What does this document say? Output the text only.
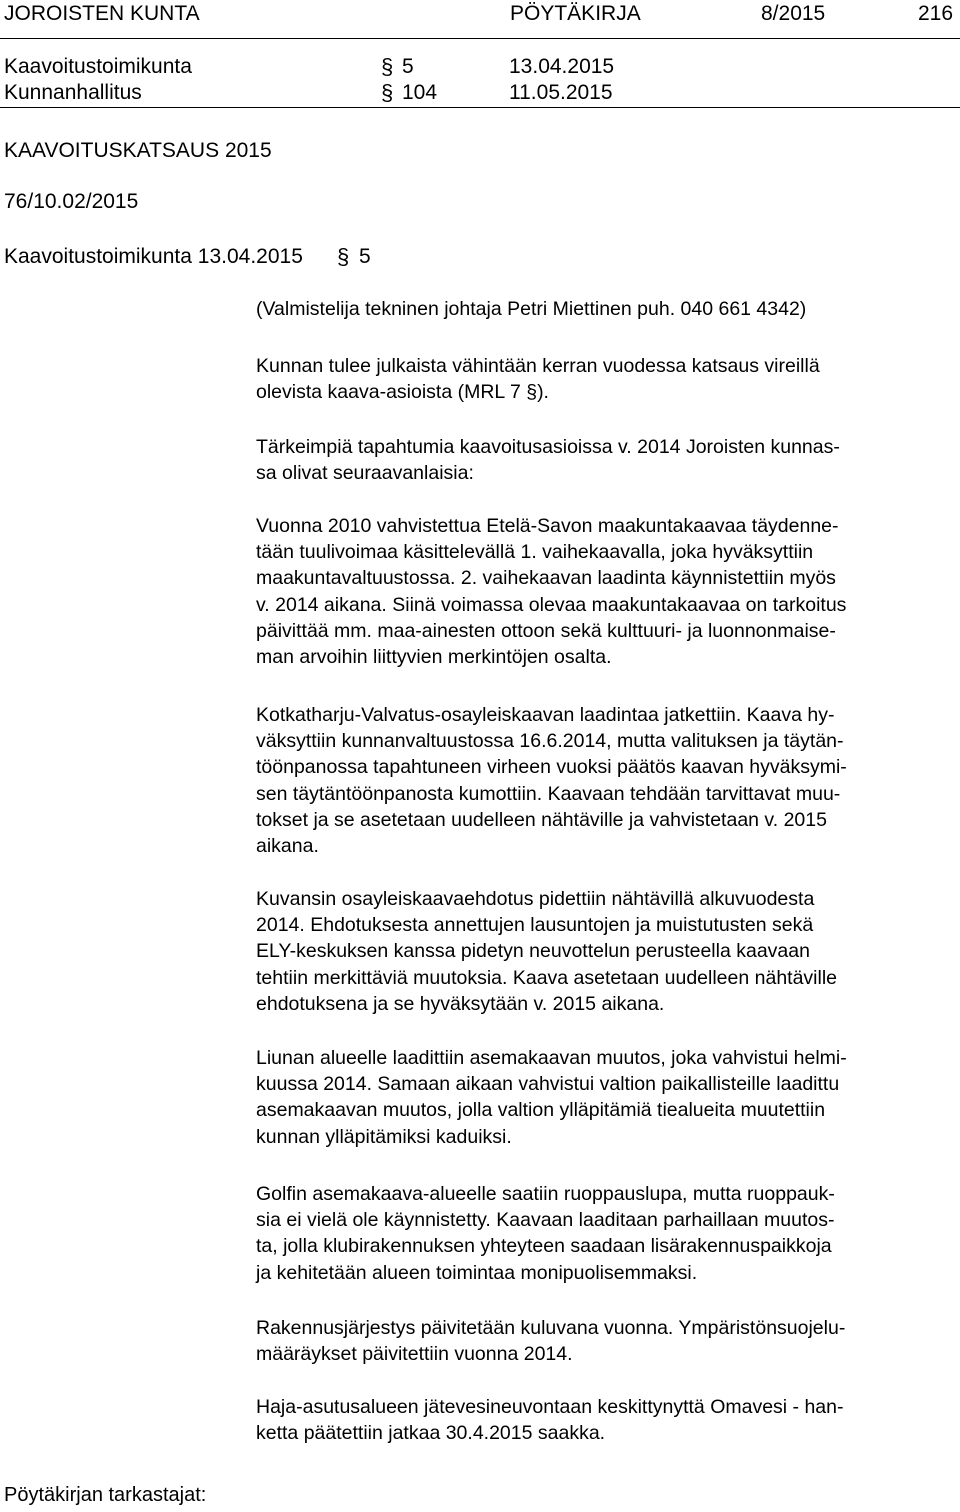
JOROISTEN KUNTA	PÖYTÄKIRJA	8/2015	216
Kaavoitustoimikunta	§ 5	13.04.2015
Kunnanhallitus	§ 104	11.05.2015
KAAVOITUSKATSAUS 2015
76/10.02/2015
Kaavoitustoimikunta 13.04.2015 § 5
(Valmistelija tekninen johtaja Petri Miettinen puh. 040 661 4342)
Kunnan tulee julkaista vähintään kerran vuodessa katsaus vireillä
olevista kaava-asioista (MRL 7 §).
Tärkeimpiä tapahtumia kaavoitusasioissa v. 2014 Joroisten kunnas-
sa olivat seuraavanlaisia:
Vuonna 2010 vahvistettua Etelä-Savon maakuntakaavaa täydenne-
tään tuulivoimaa käsittelevällä 1. vaihekaavalla, joka hyväksyttiin
maakuntavaltuustossa. 2. vaihekaavan laadinta käynnistettiin myös
v. 2014 aikana. Siinä voimassa olevaa maakuntakaavaa on tarkoitus
päivittää mm. maa-ainesten ottoon sekä kulttuuri- ja luonnonmaise-
man arvoihin liittyvien merkintöjen osalta.
Kotkatharju-Valvatus-osayleiskaavan laadintaa jatkettiin. Kaava hy-
väksyttiin kunnanvaltuustossa 16.6.2014, mutta valituksen ja täytän-
töönpanossa tapahtuneen virheen vuoksi päätös kaavan hyväksymi-
sen täytäntöönpanosta kumottiin. Kaavaan tehdään tarvittavat muu-
tokset ja se asetetaan uudelleen nähtäville ja vahvistetaan v. 2015
aikana.
Kuvansin osayleiskaavaehdotus pidettiin nähtävillä alkuvuodesta
2014. Ehdotuksesta annettujen lausuntojen ja muistutusten sekä
ELY-keskuksen kanssa pidetyn neuvottelun perusteella kaavaan
tehtiin merkittäviä muutoksia. Kaava asetetaan uudelleen nähtäville
ehdotuksena ja se hyväksytään v. 2015 aikana.
Liunan alueelle laadittiin asemakaavan muutos, joka vahvistui helmi-
kuussa 2014. Samaan aikaan vahvistui valtion paikallisteille laadittu
asemakaavan muutos, jolla valtion ylläpitämiä tiealueita muutettiin
kunnan ylläpitämiksi kaduiksi.
Golfin asemakaava-alueelle saatiin ruoppauslupa, mutta ruoppauk-
sia ei vielä ole käynnistetty. Kaavaan laaditaan parhaillaan muutos-
ta, jolla klubirakennuksen yhteyteen saadaan lisärakennuspaikkoja
ja kehitetään alueen toimintaa monipuolisemmaksi.
Rakennusjärjestys päivitetään kuluvana vuonna. Ympäristönsuojelu-
määräykset päivitettiin vuonna 2014.
Haja-asutusalueen jätevesineuvontaan keskittynyttä Omavesi - han-
ketta päätettiin jatkaa 30.4.2015 saakka.
Pöytäkirjan tarkastajat:
